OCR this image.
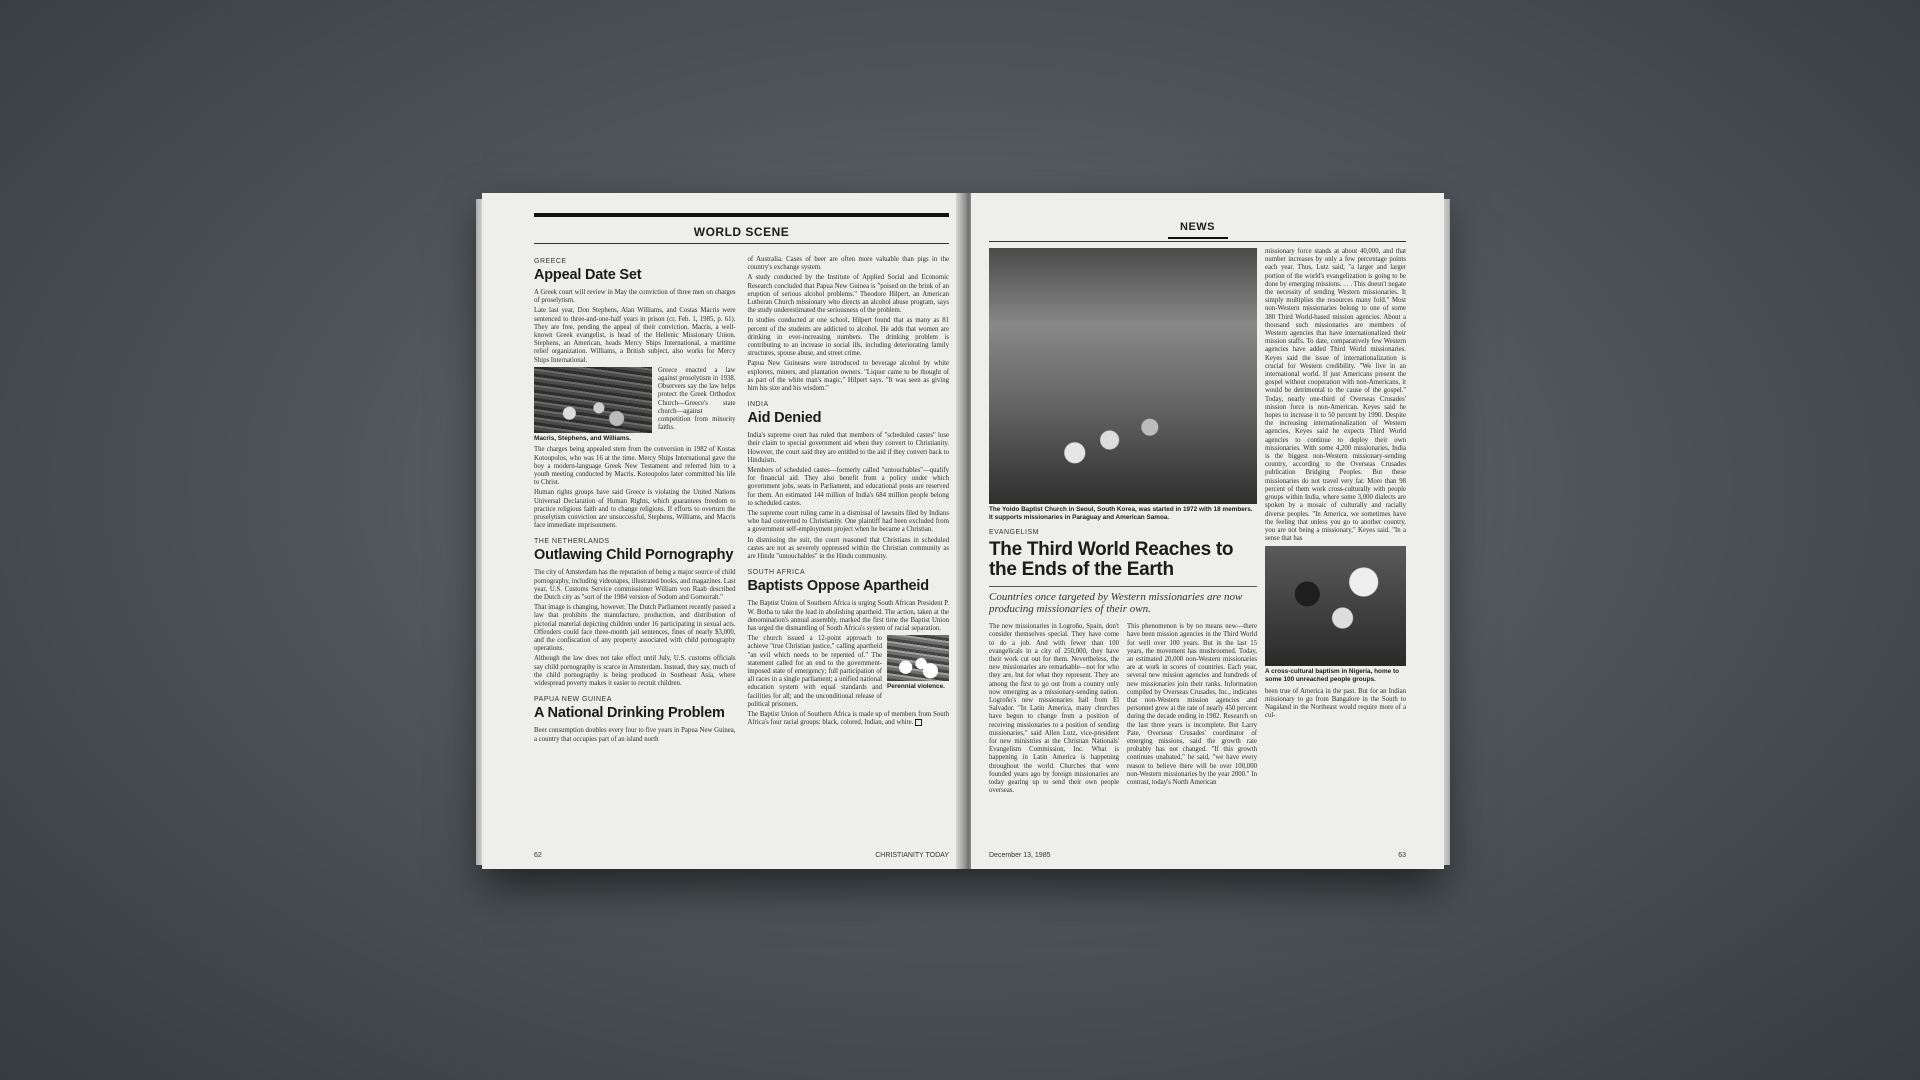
WORLD SCENE
GREECE
Appeal Date Set

A Greek court will review in May the conviction of three men on charges of proselytism.

Late last year, Don Stephens, Alan Williams, and Costas Macris were sentenced to three-and-one-half years in prison (cr, Feb. 1, 1985, p. 61). They are free, pending the appeal of their conviction. Macris, a well-known Greek evangelist, is head of the Hellenic Missionary Union. Stephens, an American, heads Mercy Ships International, a maritime relief organization. Williams, a British subject, also works for Mercy Ships International.

Macris, Stephens, and Williams.

Greece enacted a law against proselytism in 1938. Observers say the law helps protect the Greek Orthodox Church—Greece's state church—against competition from minority faiths.

The charges being appealed stem from the conversion in 1982 of Kostas Kotoupolos, who was 16 at the time. Mercy Ships International gave the boy a modern-language Greek New Testament and referred him to a youth meeting conducted by Macris. Kotoupolos later committed his life to Christ.

Human rights groups have said Greece is violating the United Nations Universal Declaration of Human Rights, which guarantees freedom to practice religious faith and to change religions. If efforts to overturn the proselytism conviction are unsuccessful, Stephens, Williams, and Macris face immediate imprisonment.

THE NETHERLANDS
Outlawing Child Pornography

The city of Amsterdam has the reputation of being a major source of child pornography, including videotapes, illustrated books, and magazines. Last year, U.S. Customs Service commissioner William von Raab described the Dutch city as "sort of the 1984 version of Sodom and Gomorrah."

That image is changing, however. The Dutch Parliament recently passed a law that prohibits the manufacture, production, and distribution of pictorial material depicting children under 16 participating in sexual acts. Offenders could face three-month jail sentences, fines of nearly $3,000, and the confiscation of any property associated with child pornography operations.

Although the law does not take effect until July, U.S. customs officials say child pornography is scarce in Amsterdam. Instead, they say, much of the child pornography is being produced in Southeast Asia, where widespread poverty makes it easier to recruit children.

PAPUA NEW GUINEA
A National Drinking Problem

Beer consumption doubles every four to five years in Papua New Guinea, a country that occupies part of an island north

of Australia. Cases of beer are often more valuable than pigs in the country's exchange system.

A study conducted by the Institute of Applied Social and Economic Research concluded that Papua New Guinea is "poised on the brink of an eruption of serious alcohol problems." Theodore Hilpert, an American Lutheran Church missionary who directs an alcohol abuse program, says the study underestimated the seriousness of the problem.

In studies conducted at one school, Hilpert found that as many as 81 percent of the students are addicted to alcohol. He adds that women are drinking in ever-increasing numbers. The drinking problem is contributing to an increase in social ills, including deteriorating family structures, spouse abuse, and street crime.

Papua New Guineans were introduced to beverage alcohol by white explorers, miners, and plantation owners. "Liquor came to be thought of as part of the white man's magic," Hilpert says. "It was seen as giving him his size and his wisdom."

INDIA
Aid Denied

India's supreme court has ruled that members of "scheduled castes" lose their claim to special government aid when they convert to Christianity. However, the court said they are entitled to the aid if they convert back to Hinduism.

Members of scheduled castes—formerly called "untouchables"—qualify for financial aid. They also benefit from a policy under which government jobs, seats in Parliament, and educational posts are reserved for them. An estimated 144 million of India's 684 million people belong to scheduled castes.

The supreme court ruling came in a dismissal of lawsuits filed by Indians who had converted to Christianity. One plaintiff had been excluded from a government self-employment project when he became a Christian.

In dismissing the suit, the court reasoned that Christians in scheduled castes are not as severely oppressed within the Christian community as are Hindu "untouchables" in the Hindu community.

SOUTH AFRICA
Baptists Oppose Apartheid

The Baptist Union of Southern Africa is urging South African President P. W. Botha to take the lead in abolishing apartheid. The action, taken at the denomination's annual assembly, marked the first time the Baptist Union has urged the dismantling of South Africa's system of racial separation.

The church issued a 12-point approach to achieve "true Christian justice," calling apartheid "an evil which needs to be repented of." The statement called for an end to the government-imposed state of emergency; full participation of all races in a single parliament; a unified national education system with equal standards and facilities for all; and the unconditional release of political prisoners.

Perennial violence.

The Baptist Union of Southern Africa is made up of members from South Africa's four racial groups: black, colored, Indian, and white.

62	CHRISTIANITY TODAY
NEWS
The Yoido Baptist Church in Seoul, South Korea, was started in 1972 with 18 members. It supports missionaries in Paraguay and American Samoa.
EVANGELISM
The Third World Reaches to the Ends of the Earth
Countries once targeted by Western missionaries are now producing missionaries of their own.

The new missionaries in Logroño, Spain, don't consider themselves special. They have come to do a job. And with fewer than 100 evangelicals in a city of 250,000, they have their work cut out for them. Nevertheless, the new missionaries are remarkable—not for who they are, but for what they represent. They are among the first to go out from a country only now emerging as a missionary-sending nation. Logroño's new missionaries hail from El Salvador. "In Latin America, many churches have begun to change from a position of receiving missionaries to a position of sending missionaries," said Allen Lutz, vice-president for new ministries at the Christian Nationals' Evangelism Commission, Inc. What is happening in Latin America is happening throughout the world. Churches that were founded years ago by foreign missionaries are today gearing up to send their own people overseas.

This phenomenon is by no means new—there have been mission agencies in the Third World for well over 100 years. But in the last 15 years, the movement has mushroomed. Today, an estimated 20,000 non-Western missionaries are at work in scores of countries. Each year, several new mission agencies and hundreds of new missionaries join their ranks. Information compiled by Overseas Crusades, Inc., indicates that non-Western mission agencies and personnel grew at the rate of nearly 450 percent during the decade ending in 1982. Research on the last three years is incomplete. But Larry Pate, Overseas Crusades' coordinator of emerging missions, said the growth rate probably has not changed. "If this growth continues unabated," he said, "we have every reason to believe there will be over 100,000 non-Western missionaries by the year 2000." In contrast, today's North American

missionary force stands at about 40,000, and that number increases by only a few percentage points each year. Thus, Lutz said, "a larger and larger portion of the world's evangelization is going to be done by emerging missions. . . . This doesn't negate the necessity of sending Western missionaries. It simply multiplies the resources many fold." Most non-Western missionaries belong to one of some 380 Third World-based mission agencies. About a thousand such missionaries are members of Western agencies that have internationalized their mission staffs. To date, comparatively few Western agencies have added Third World missionaries. Keyes said the issue of internationalization is crucial for Western credibility. "We live in an international world. If just Americans present the gospel without cooperation with non-Americans, it would be detrimental to the cause of the gospel." Today, nearly one-third of Overseas Crusades' mission force is non-American. Keyes said he hopes to increase it to 50 percent by 1990. Despite the increasing internationalization of Western agencies, Keyes said he expects Third World agencies to continue to deploy their own missionaries. With some 4,200 missionaries, India is the biggest non-Western missionary-sending country, according to the Overseas Crusades publication Bridging Peoples. But these missionaries do not travel very far. More than 98 percent of them work cross-culturally with people groups within India, where some 3,000 dialects are spoken by a mosaic of culturally and racially diverse peoples. "In America, we sometimes have the feeling that unless you go to another country, you are not being a missionary," Keyes said. "In a sense that has

A cross-cultural baptism in Nigeria, home to some 100 unreached people groups.

been true of America in the past. But for an Indian missionary to go from Bangalore in the South to Nagaland in the Northeast would require more of a cul-

December 13, 1985	63
